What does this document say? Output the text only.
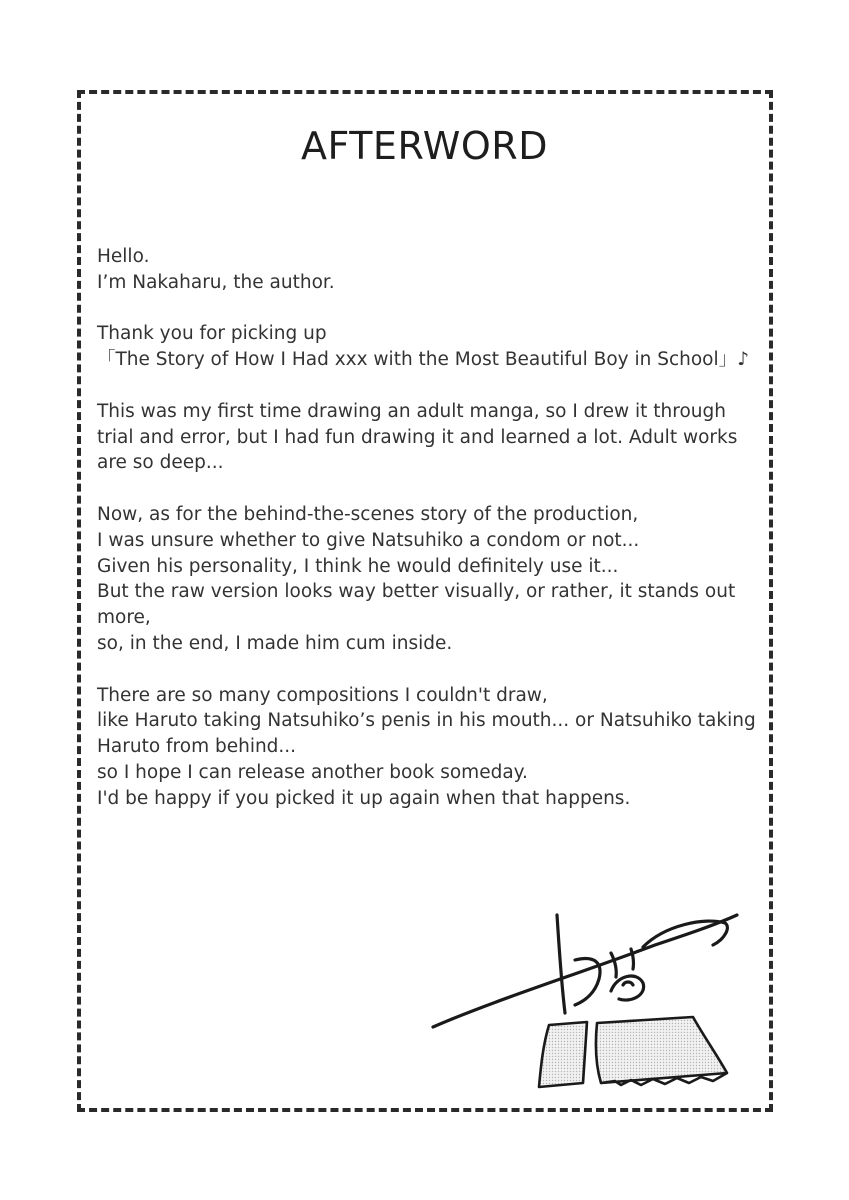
AFTERWORD

Hello.
I’m Nakaharu, the author.

Thank you for picking up
「The Story of How I Had xxx with the Most Beautiful Boy in School」♪

This was my first time drawing an adult manga, so I drew it through trial and error, but I had fun drawing it and learned a lot. Adult works are so deep...

Now, as for the behind-the-scenes story of the production,
I was unsure whether to give Natsuhiko a condom or not...
Given his personality, I think he would definitely use it...
But the raw version looks way better visually, or rather, it stands out more,
so, in the end, I made him cum inside.

There are so many compositions I couldn't draw,
like Haruto taking Natsuhiko’s penis in his mouth... or Natsuhiko taking Haruto from behind...
so I hope I can release another book someday.
I'd be happy if you picked it up again when that happens.
